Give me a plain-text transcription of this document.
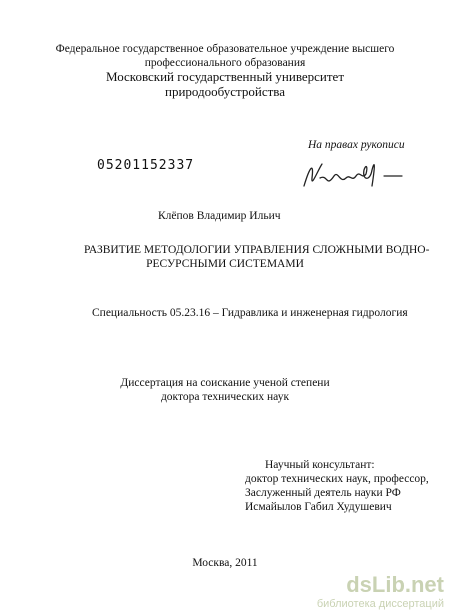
Федеральное государственное образовательное учреждение высшего
профессионального образования
Московский государственный университет
природообустройства
На правах рукописи
05201152337
Клёпов Владимир Ильич
РАЗВИТИЕ МЕТОДОЛОГИИ УПРАВЛЕНИЯ СЛОЖНЫМИ ВОДНО-
РЕСУРСНЫМИ СИСТЕМАМИ
Специальность 05.23.16 – Гидравлика и инженерная гидрология
Диссертация на соискание ученой степени
доктора технических наук
Научный консультант:
доктор технических наук, профессор,
Заслуженный деятель науки РФ
Исмайылов Габил Худушевич
Москва, 2011
dsLib.net
библиотека диссертаций
